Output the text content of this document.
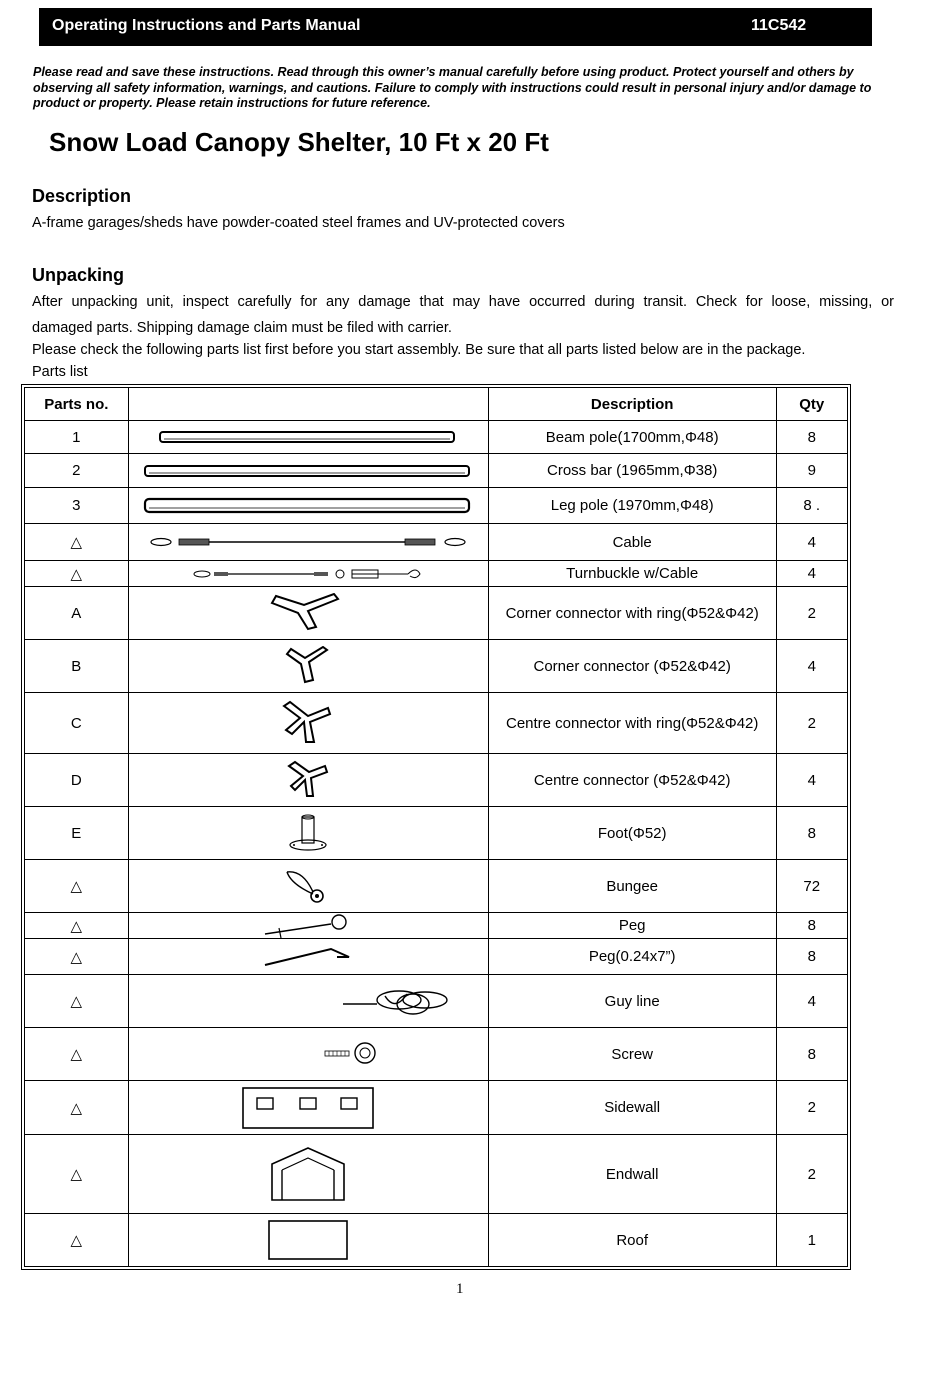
Operating Instructions and Parts Manual	11C542
Please read and save these instructions. Read through this owner’s manual carefully before using product. Protect yourself and others by observing all safety information, warnings, and cautions. Failure to comply with instructions could result in personal injury and/or damage to product or property. Please retain instructions for future reference.
Snow Load Canopy Shelter, 10 Ft x 20 Ft
Description
A-frame garages/sheds have powder-coated steel frames and UV-protected covers
Unpacking
After unpacking unit, inspect carefully for any damage that may have occurred during transit. Check for loose, missing, or
damaged parts. Shipping damage claim must be filed with carrier.
Please check the following parts list first before you start assembly. Be sure that all parts listed below are in the package.
Parts list
Parts no.		Description	Qty
1		Beam pole(1700mm,Φ48)	8
2		Cross bar (1965mm,Φ38)	9
3		Leg pole (1970mm,Φ48)	8 .
△		Cable	4
△		Turnbuckle w/Cable	4
A		Corner connector with ring(Φ52&Φ42)	2
B		Corner connector (Φ52&Φ42)	4
C		Centre connector with ring(Φ52&Φ42)	2
D		Centre connector (Φ52&Φ42)	4
E		Foot(Φ52)	8
△		Bungee	72
△		Peg	8
△		Peg(0.24x7”)	8
△		Guy line	4
△		Screw	8
△		Sidewall	2
△		Endwall	2
△		Roof	1
1
